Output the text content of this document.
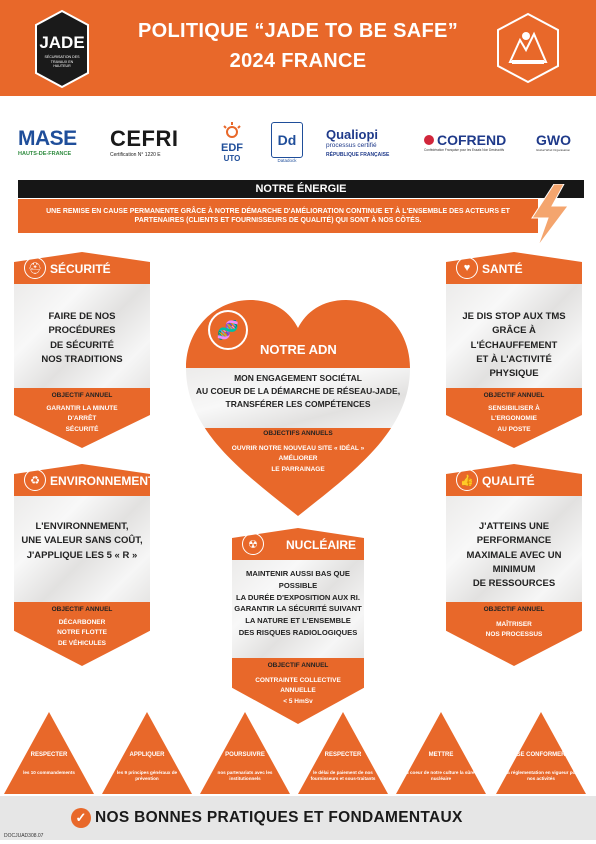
JADE
SÉCURISATION DES TRAVAUX EN HAUTEUR
POLITIQUE “JADE TO BE SAFE”
2024 FRANCE
MASE
HAUTS-DE-FRANCE
CEFRI
Certification N° 1220 E
EDF
UTO
Dd
Datadock
Qualiopi
processus certifié
RÉPUBLIQUE FRANÇAISE
COFREND
Confédération Française pour les Essais Non Destructifs
GWO
Global Wind Organisation
NOTRE ÉNERGIE
UNE REMISE EN CAUSE PERMANENTE GRÂCE À NOTRE DÉMARCHE D'AMÉLIORATION CONTINUE ET À L'ENSEMBLE DES ACTEURS ET PARTENAIRES (CLIENTS ET FOURNISSEURS DE QUALITÉ) QUI SONT À NOS CÔTÉS.
⛑ SÉCURITÉ
FAIRE DE NOS PROCÉDURES
DE SÉCURITÉ
NOS TRADITIONS
OBJECTIF ANNUEL
GARANTIR LA MINUTE
D'ARRÊT
SÉCURITÉ
♥ SANTÉ
JE DIS STOP AUX TMS
GRÂCE À L'ÉCHAUFFEMENT
ET À L'ACTIVITÉ PHYSIQUE
OBJECTIF ANNUEL
SENSIBILISER À
L'ERGONOMIE
AU POSTE
🧬
NOTRE ADN
MON ENGAGEMENT SOCIÉTAL
AU COEUR DE LA DÉMARCHE DE RÉSEAU-JADE,
TRANSFÉRER LES COMPÉTENCES
OBJECTIFS ANNUELS
OUVRIR NOTRE NOUVEAU SITE « IDÉAL »
AMÉLIORER
LE PARRAINAGE
♻ ENVIRONNEMENT
L'ENVIRONNEMENT,
UNE VALEUR SANS COÛT,
J'APPLIQUE LES 5 « R »
OBJECTIF ANNUEL
DÉCARBONER
NOTRE FLOTTE
DE VÉHICULES
👍 QUALITÉ
J'ATTEINS UNE PERFORMANCE
MAXIMALE AVEC UN MINIMUM
DE RESSOURCES
OBJECTIF ANNUEL
MAÎTRISER
NOS PROCESSUS
☢	NUCLÉAIRE
MAINTENIR AUSSI BAS QUE POSSIBLE
LA DURÉE D'EXPOSITION AUX RI.
GARANTIR LA SÉCURITÉ SUIVANT
LA NATURE ET L'ENSEMBLE
DES RISQUES RADIOLOGIQUES
OBJECTIF ANNUEL
CONTRAINTE COLLECTIVE
ANNUELLE
< 5 HmSv
RESPECTER
les 10 commandements
APPLIQUER
les 9 principes généraux de prévention
POURSUIVRE
nos partenariats avec les institutionnels
RESPECTER
le délai de paiement de nos fournisseurs et sous-traitants
METTRE
au coeur de notre culture la sûreté nucléaire
SE CONFORMER
à la réglementation en vigueur pour nos activités
✓ NOS BONNES PRATIQUES ET FONDAMENTAUX
DOCJUAD308.07
